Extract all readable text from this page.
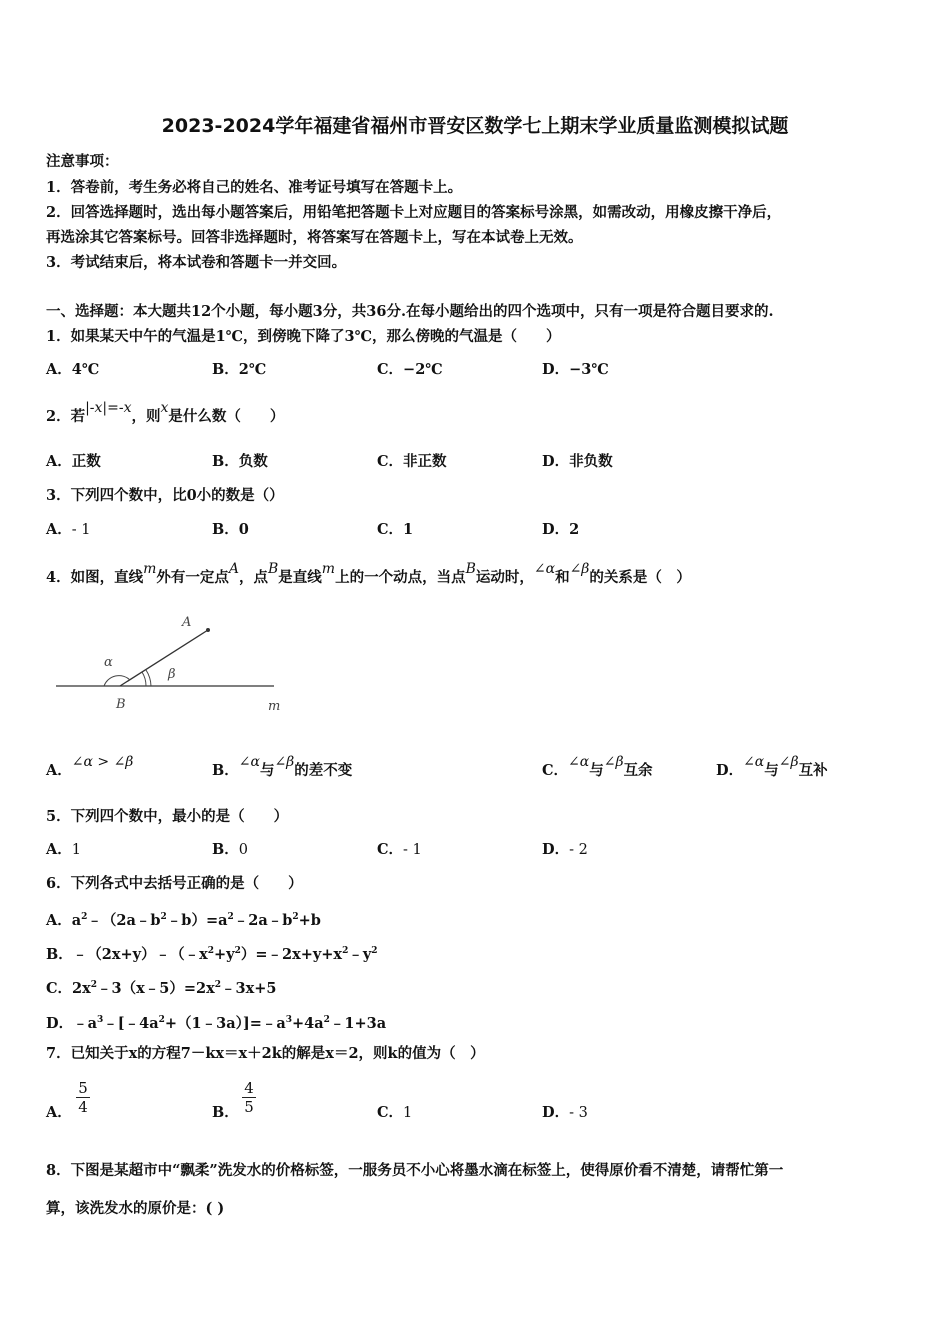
2023-2024学年福建省福州市晋安区数学七上期末学业质量监测模拟试题
注意事项：
1．答卷前，考生务必将自己的姓名、准考证号填写在答题卡上。
2．回答选择题时，选出每小题答案后，用铅笔把答题卡上对应题目的答案标号涂黑，如需改动，用橡皮擦干净后，
再选涂其它答案标号。回答非选择题时，将答案写在答题卡上，写在本试卷上无效。
3．考试结束后，将本试卷和答题卡一并交回。
一、选择题：本大题共12个小题，每小题3分，共36分.在每小题给出的四个选项中，只有一项是符合题目要求的.
1．如果某天中午的气温是1℃，到傍晚下降了3℃，那么傍晚的气温是（　　）
A．4℃	B．2℃	C．−2℃	D．−3℃
2．若|-x|=-x，则x是什么数（　　）
A．正数	B．负数	C．非正数	D．非负数
3．下列四个数中，比0小的数是（）
A．- 1	B．0	C．1	D．2
4．如图，直线m外有一定点A，点B是直线m上的一个动点，当点B运动时，∠α和∠β的关系是（　）
A
B
α
β
m
A．∠α > ∠β	B．∠α与∠β的差不变	C．∠α与∠β互余	D．∠α与∠β互补
5．下列四个数中，最小的是（　　）
A．1	B．0	C．- 1	D．- 2
6．下列各式中去括号正确的是（　　）
A．$a^2﹣(2a﹣b^2﹣b)=a^2﹣2a﹣b^2+b$
B．$﹣(2x+y)﹣(﹣x^2+y^2)=﹣2x+y+x^2﹣y^2$
C．$2x^2﹣3(x﹣5)=2x^2﹣3x+5$
D．$﹣a^3﹣[﹣4a^2+(1﹣3a)]=﹣a^3+4a^2﹣1+3a$
7．已知关于x的方程7－kx＝x＋2k的解是x＝2，则k的值为（　）
A． $\frac{5}{4}$	B． $\frac{4}{5}$	C．1	D．- 3
8．下图是某超市中“飘柔”洗发水的价格标签，一服务员不小心将墨水滴在标签上，使得原价看不清楚，请帮忙第一
算，该洗发水的原价是：( )
